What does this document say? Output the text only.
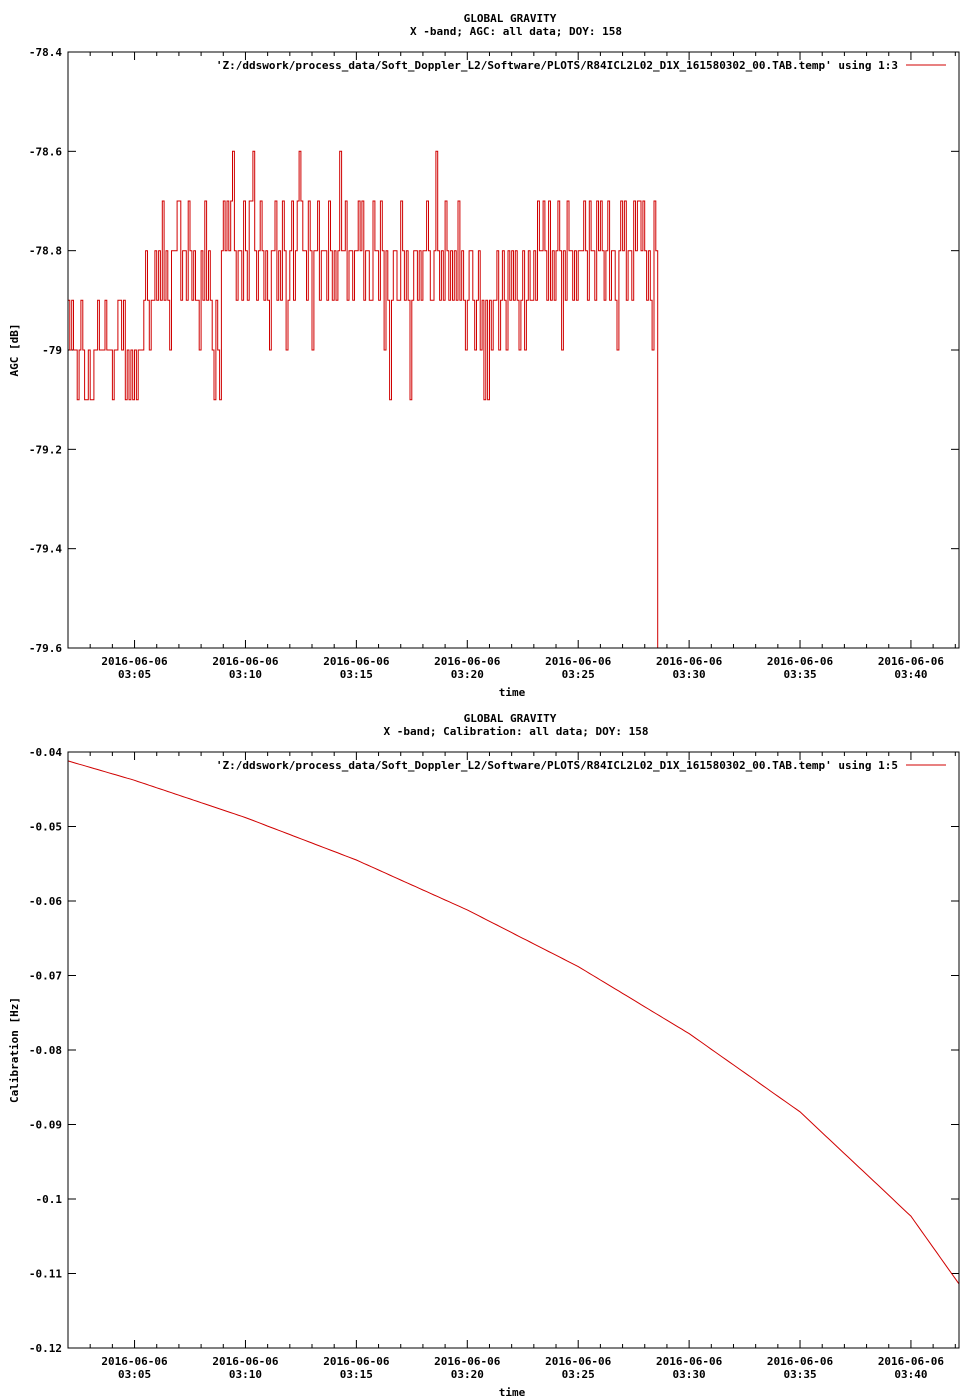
GLOBAL GRAVITY
X -band; AGC: all data; DOY: 158
AGC [dB]
time
'Z:/ddswork/process_data/Soft_Doppler_L2/Software/PLOTS/R84ICL2L02_D1X_161580302_00.TAB.temp' using 1:3
-78.4
-78.6
-78.8
-79
-79.2
-79.4
-79.6
2016-06-06
03:05
2016-06-06
03:10
2016-06-06
03:15
2016-06-06
03:20
2016-06-06
03:25
2016-06-06
03:30
2016-06-06
03:35
2016-06-06
03:40
GLOBAL GRAVITY
X -band; Calibration: all data; DOY: 158
Calibration [Hz]
time
'Z:/ddswork/process_data/Soft_Doppler_L2/Software/PLOTS/R84ICL2L02_D1X_161580302_00.TAB.temp' using 1:5
-0.04
-0.05
-0.06
-0.07
-0.08
-0.09
-0.1
-0.11
-0.12
2016-06-06
03:05
2016-06-06
03:10
2016-06-06
03:15
2016-06-06
03:20
2016-06-06
03:25
2016-06-06
03:30
2016-06-06
03:35
2016-06-06
03:40
